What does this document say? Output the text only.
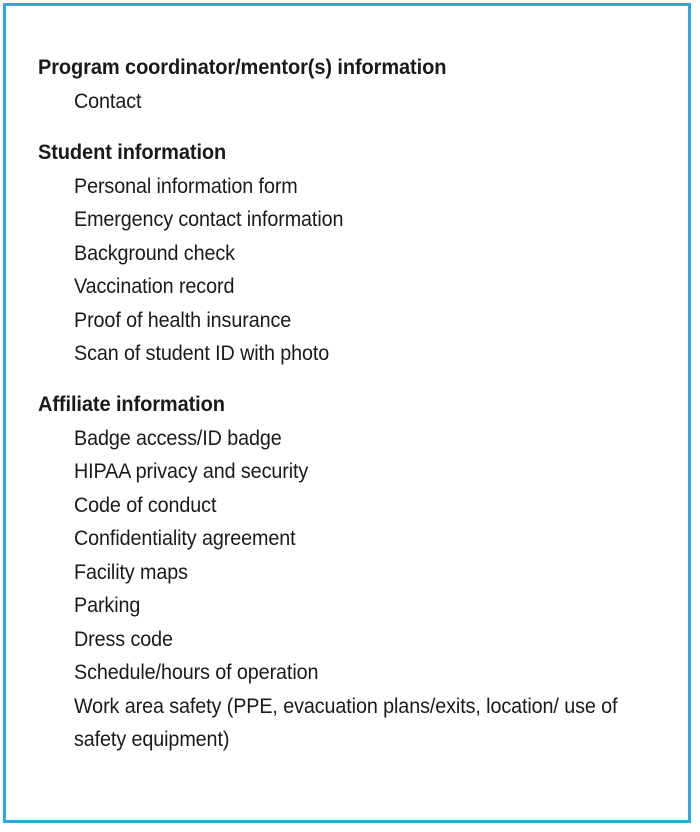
Program coordinator/mentor(s) information
Contact
Student information
Personal information form
Emergency contact information
Background check
Vaccination record
Proof of health insurance
Scan of student ID with photo
Affiliate information
Badge access/ID badge
HIPAA privacy and security
Code of conduct
Confidentiality agreement
Facility maps
Parking
Dress code
Schedule/hours of operation
Work area safety (PPE, evacuation plans/exits, location/ use of safety equipment)
